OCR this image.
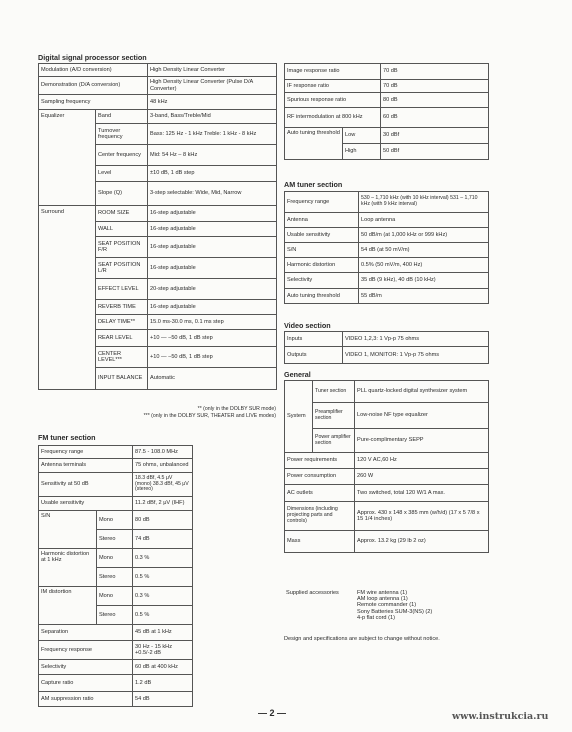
Digital signal processor section
Modulation (A/D conversion)		High Density Linear Converter
Demonstration (D/A conversion)		High Density Linear Converter (Pulse D/A Converter)
Sampling frequency		48 kHz
Equalizer	Band	3-band, Bass/Treble/Mid
	Turnover frequency	Bass: 125 Hz - 1 kHz Treble: 1 kHz - 8 kHz
	Center frequency	Mid: 54 Hz – 8 kHz
	Level	±10 dB, 1 dB step
	Slope (Q)	3-step selectable: Wide, Mid, Narrow
Surround	ROOM SIZE	16-step adjustable
	WALL	16-step adjustable
	SEAT POSITION F/R	16-step adjustable
	SEAT POSITION L/R	16-step adjustable
	EFFECT LEVEL	20-step adjustable
	REVERB TIME	16-step adjustable
	DELAY TIME**	15.0 ms-30.0 ms, 0.1 ms step
	REAR LEVEL	+10 — –50 dB, 1 dB step
	CENTER LEVEL***	+10 — –50 dB, 1 dB step
	INPUT BALANCE	Automatic
** (only in the DOLBY SUR mode)
*** (only in the DOLBY SUR, THEATER and LIVE modes)
FM tuner section
Frequency range		87.5 - 108.0 MHz
Antenna terminals		75 ohms, unbalanced
Sensitivity at 50 dB		18.3 dBf, 4.5 μV (mono) 38.3 dBf, 45 μV (stereo)
Usable sensitivity		11.2 dBf, 2 μV (IHF)
S/N	Mono	80 dB
	Stereo	74 dB
Harmonic distortion at 1 kHz	Mono	0.3 %
	Stereo	0.5 %
IM distortion	Mono	0.3 %
	Stereo	0.5 %
Separation		45 dB at 1 kHz
Frequency response		30 Hz - 15 kHz +0.5/-2 dB
Selectivity		60 dB at 400 kHz
Capture ratio		1.2 dB
AM suppression ratio		54 dB
Image response ratio		70 dB
IF response ratio		70 dB
Spurious response ratio		80 dB
RF intermodulation at 800 kHz		60 dB
Auto tuning threshold	Low	30 dBf
	High	50 dBf
AM tuner section
Frequency range	530 – 1,710 kHz (with 10 kHz interval) 531 – 1,710 kHz (with 9 kHz interval)
Antenna	Loop antenna
Usable sensitivity	50 dB/m (at 1,000 kHz or 999 kHz)
S/N	54 dB (at 50 mV/m)
Harmonic distortion	0.5% (50 mV/m, 400 Hz)
Selectivity	35 dB (9 kHz), 40 dB (10 kHz)
Auto tuning threshold	55 dB/m
Video section
Inputs	VIDEO 1,2,3: 1 Vp-p 75 ohms
Outputs	VIDEO 1, MONITOR: 1 Vp-p 75 ohms
General
System	Tuner section	PLL quartz-locked digital synthesizer system
	Preamplifier section	Low-noise NF type equalizer
	Power amplifier section	Pure-complimentary SEPP
Power requirements		120 V AC,60 Hz
Power consumption		260 W
AC outlets		Two switched, total 120 W/1 A max.
Dimensions (including projecting parts and controls)		Approx. 430 x 148 x 385 mm (w/h/d) (17 x 5 7/8 x 15 1/4 inches)
Mass		Approx. 13.2 kg (29 lb 2 oz)
Supplied accessories	FM wire antenna (1)
AM loop antenna (1)
Remote commander (1)
Sony Batteries SUM-3(NS) (2)
4-p flat cord (1)
Design and specifications are subject to change without notice.
— 2 —	www.instrukcia.ru
